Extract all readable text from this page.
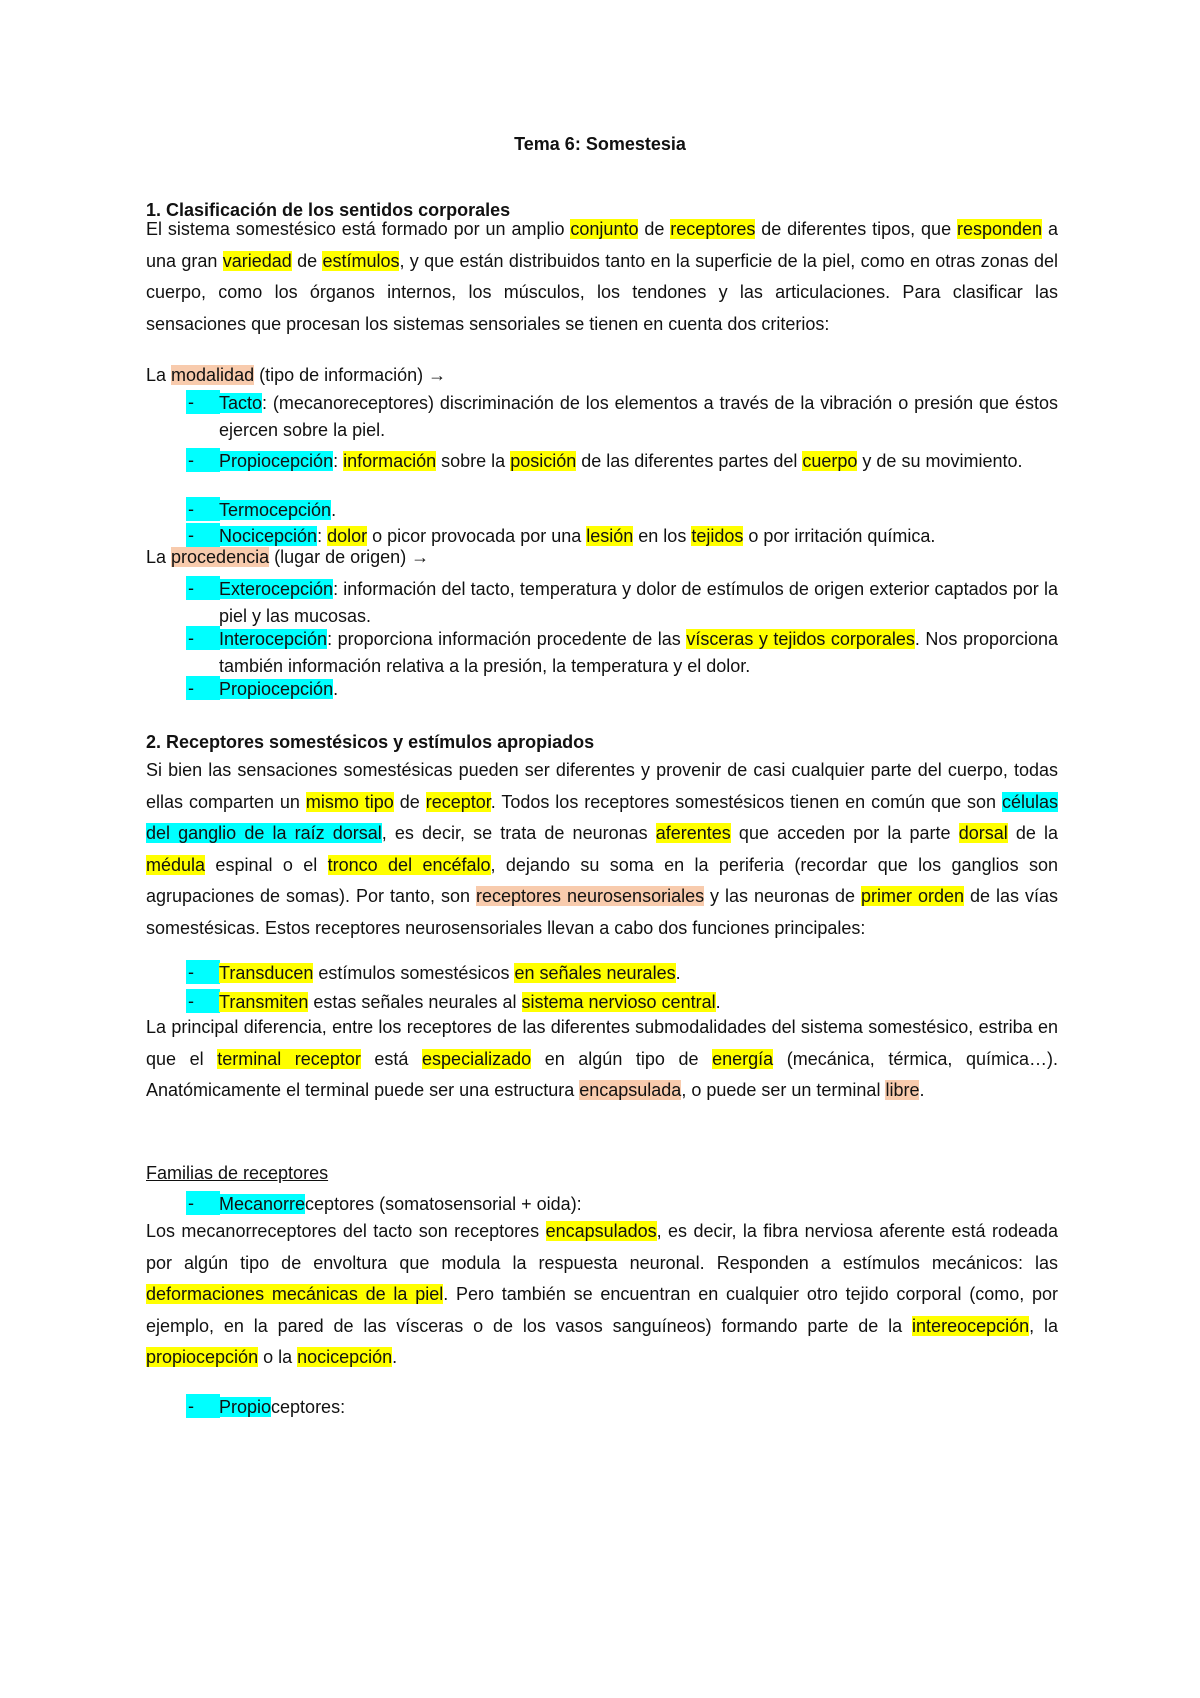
Tema 6: Somestesia

1. Clasificación de los sentidos corporales

El sistema somestésico está formado por un amplio conjunto de receptores de diferentes tipos, que responden a una gran variedad de estímulos, y que están distribuidos tanto en la superficie de la piel, como en otras zonas del cuerpo, como los órganos internos, los músculos, los tendones y las articulaciones. Para clasificar las sensaciones que procesan los sistemas sensoriales se tienen en cuenta dos criterios:

La modalidad (tipo de información) →

-	Tacto: (mecanoreceptores) discriminación de los elementos a través de la vibración o presión que éstos ejercen sobre la piel.

-	Propiocepción: información sobre la posición de las diferentes partes del cuerpo y de su movimiento.

-	Termocepción.

-	Nocicepción: dolor o picor provocada por una lesión en los tejidos o por irritación química.

La procedencia (lugar de origen) →

-	Exterocepción: información del tacto, temperatura y dolor de estímulos de origen exterior captados por la piel y las mucosas.

-	Interocepción: proporciona información procedente de las vísceras y tejidos corporales. Nos proporciona también información relativa a la presión, la temperatura y el dolor.

-	Propiocepción.

2. Receptores somestésicos y estímulos apropiados

Si bien las sensaciones somestésicas pueden ser diferentes y provenir de casi cualquier parte del cuerpo, todas ellas comparten un mismo tipo de receptor. Todos los receptores somestésicos tienen en común que son células del ganglio de la raíz dorsal, es decir, se trata de neuronas aferentes que acceden por la parte dorsal de la médula espinal o el tronco del encéfalo, dejando su soma en la periferia (recordar que los ganglios son agrupaciones de somas). Por tanto, son receptores neurosensoriales y las neuronas de primer orden de las vías somestésicas. Estos receptores neurosensoriales llevan a cabo dos funciones principales:

-	Transducen estímulos somestésicos en señales neurales.

-	Transmiten estas señales neurales al sistema nervioso central.

La principal diferencia, entre los receptores de las diferentes submodalidades del sistema somestésico, estriba en que el terminal receptor está especializado en algún tipo de energía (mecánica, térmica, química…). Anatómicamente el terminal puede ser una estructura encapsulada, o puede ser un terminal libre.

Familias de receptores

-	Mecanorreceptores (somatosensorial + oida):

Los mecanorreceptores del tacto son receptores encapsulados, es decir, la fibra nerviosa aferente está rodeada por algún tipo de envoltura que modula la respuesta neuronal. Responden a estímulos mecánicos: las deformaciones mecánicas de la piel. Pero también se encuentran en cualquier otro tejido corporal (como, por ejemplo, en la pared de las vísceras o de los vasos sanguíneos) formando parte de la intereocepción, la propiocepción o la nocicepción.

-	Propioceptores:
